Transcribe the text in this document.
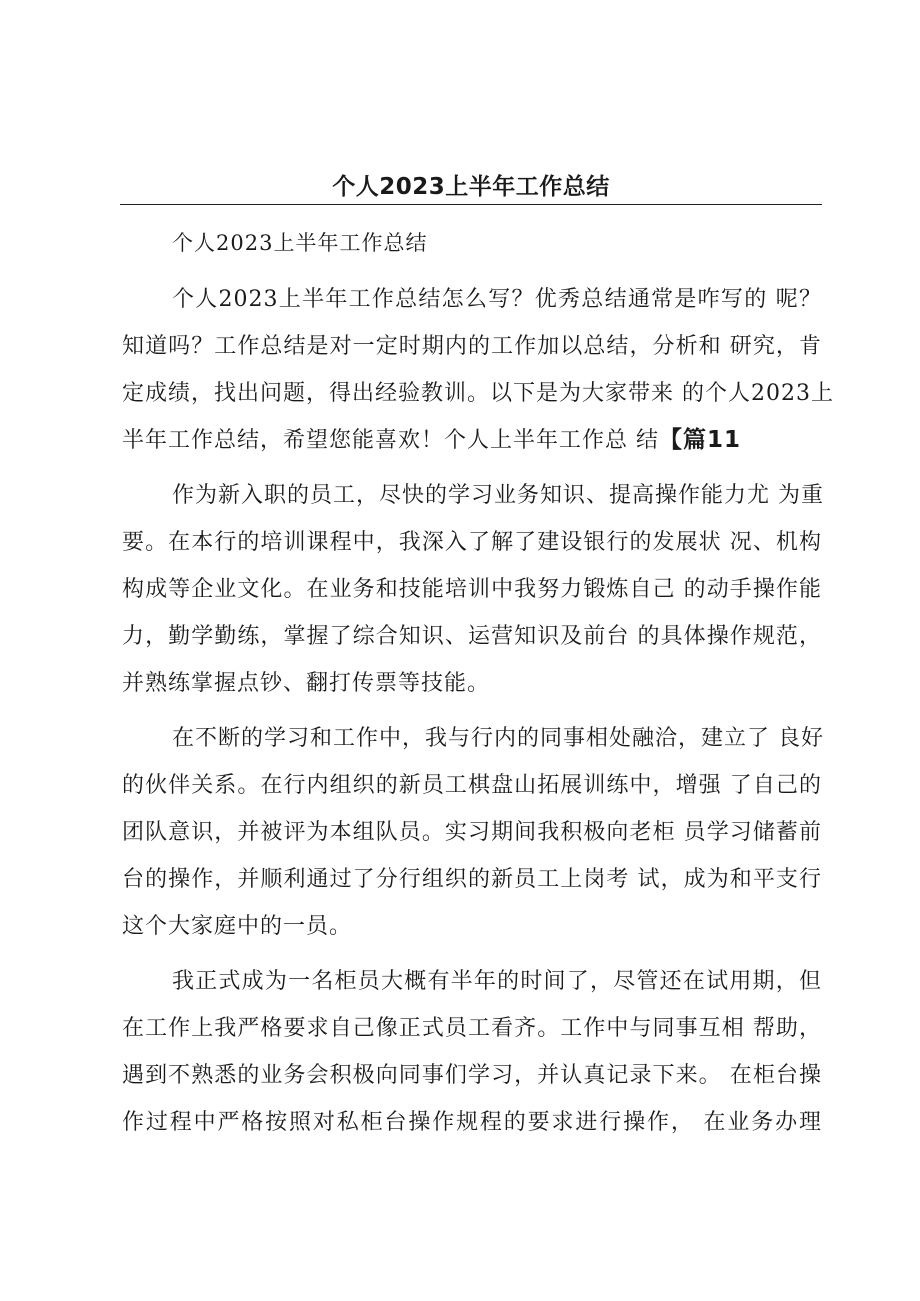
个人2023上半年工作总结
个人2023上半年工作总结
个人2023上半年工作总结怎么写？优秀总结通常是咋写的 呢？
知道吗？工作总结是对一定时期内的工作加以总结，分析和 研究，肯
定成绩，找出问题，得出经验教训。以下是为大家带来 的个人2023上
半年工作总结，希望您能喜欢！个人上半年工作总 结【篇11
作为新入职的员工，尽快的学习业务知识、提高操作能力尤 为重
要。在本行的培训课程中，我深入了解了建设银行的发展状 况、机构
构成等企业文化。在业务和技能培训中我努力锻炼自己 的动手操作能
力，勤学勤练，掌握了综合知识、运营知识及前台 的具体操作规范，
并熟练掌握点钞、翻打传票等技能。
在不断的学习和工作中，我与行内的同事相处融洽，建立了 良好
的伙伴关系。在行内组织的新员工棋盘山拓展训练中，增强 了自己的
团队意识，并被评为本组队员。实习期间我积极向老柜 员学习储蓄前
台的操作，并顺利通过了分行组织的新员工上岗考 试，成为和平支行
这个大家庭中的一员。
我正式成为一名柜员大概有半年的时间了，尽管还在试用期，但
在工作上我严格要求自己像正式员工看齐。工作中与同事互相 帮助，
遇到不熟悉的业务会积极向同事们学习，并认真记录下来。 在柜台操
作过程中严格按照对私柜台操作规程的要求进行操作， 在业务办理
